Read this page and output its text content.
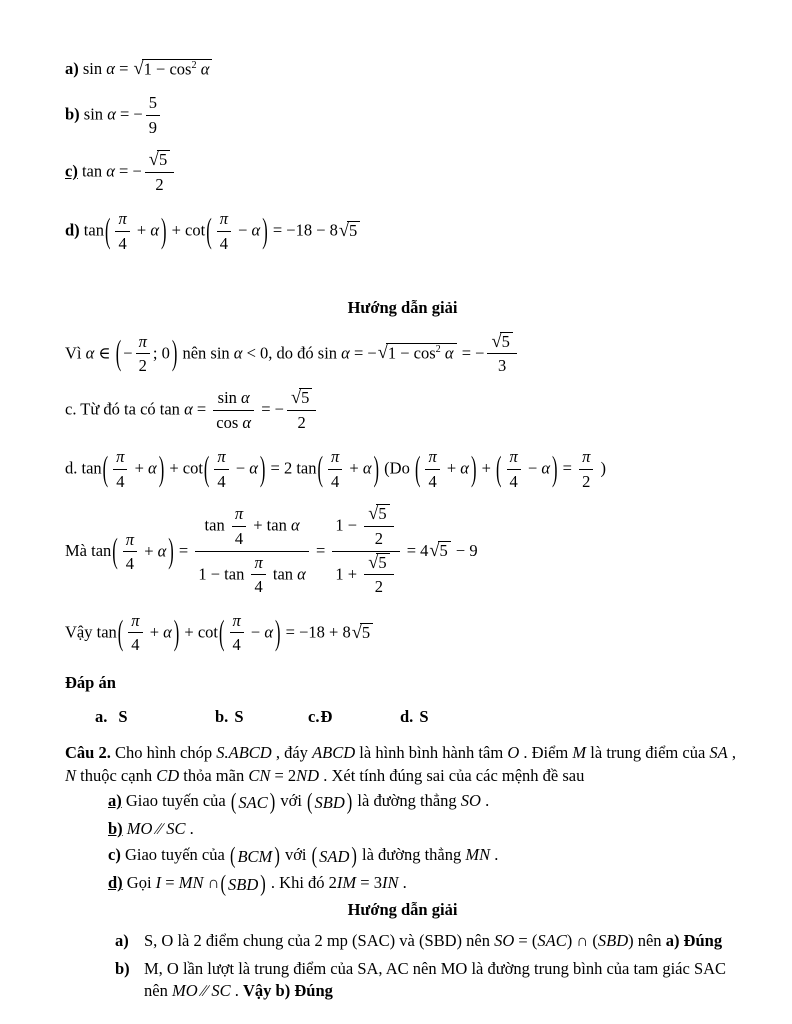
a) sin α = √ $1 - \cos^2 \alpha$
b) sin α = − $\frac{5}{9}$
c) tan α = − $\frac{√ 5}{2}$
d) tan ( $\frac{\pi}{4} + \alpha$ ) + cot ( $\frac{\pi}{4} - \alpha$ ) = −18 − 8 √ 5
Hướng dẫn giải
Vì α ∈ ( − $\frac{\pi}{2}$ ; 0 ) nên sin α < 0, do đó sin α = − √ $1 - \cos^2 \alpha$ = − $\frac{√ 5}{3}$
c. Từ đó ta có $\tan \alpha = \frac{\text{sin α}}{\text{cos α}}$ = − $\frac{√ 5}{2}$
d. tan ( $\frac{\pi}{4} + \alpha$ ) + cot ( $\frac{\pi}{4} - \alpha$ ) = 2 tan ( $\frac{\pi}{4} + \alpha$ ) (Do ( $\frac{\pi}{4} + \alpha$ ) + ( $\frac{\pi}{4} - \alpha$ ) = $\frac{\pi}{2}$ )
Mà tan ( $\frac{\pi}{4} + \alpha$ ) = $\frac{\tan \frac{\pi}{4} + \tan \alpha}{1 - \tan \frac{\pi}{4} \tan \alpha} = \frac{1 - \frac{√ 5}{2}}{1 + \frac{√ 5}{2}} = 4$ √ 5 − 9
Vậy tan ( $\frac{\pi}{4} + \alpha$ ) + cot ( $\frac{\pi}{4} - \alpha$ ) = −18 + 8 √ 5
Đáp án
a. S	b. S	c.Đ	d. S
Câu 2. Cho hình chóp S.ABCD , đáy ABCD là hình bình hành tâm O . Điểm M là trung điểm của SA , N thuộc cạnh CD thỏa mãn CN = 2ND . Xét tính đúng sai của các mệnh đề sau
a) Giao tuyến của ( SAC ) với ( SBD ) là đường thẳng SO .
b) MO ∕∕ SC .
c) Giao tuyến của ( BCM ) với ( SAD ) là đường thẳng MN .
d) Gọi I = MN ∩ ( SBD ) . Khi đó 2IM = 3IN .
Hướng dẫn giải
a) S, O là 2 điểm chung của 2 mp (SAC) và (SBD) nên SO = (SAC) ∩ (SBD) nên a) Đúng
b) M, O lần lượt là trung điểm của SA, AC nên MO là đường trung bình của tam giác SAC nên MO ∕∕ SC . Vậy b) Đúng
